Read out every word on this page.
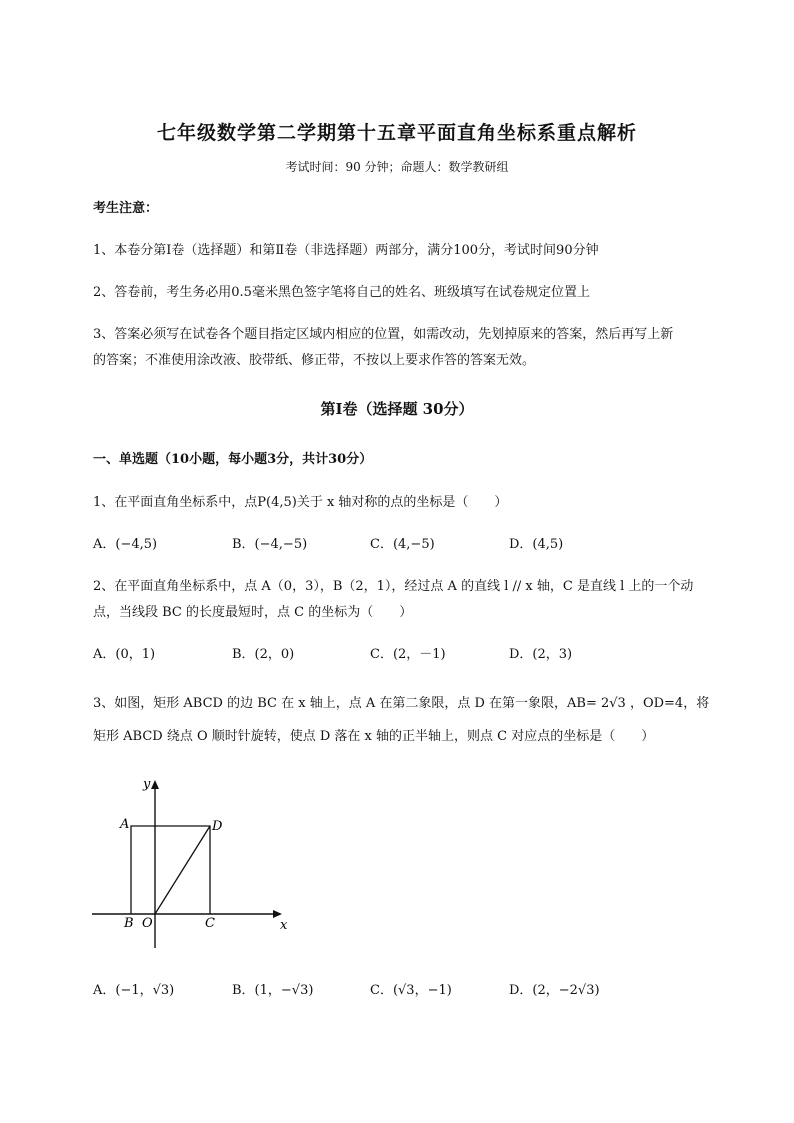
七年级数学第二学期第十五章平面直角坐标系重点解析
考试时间：90 分钟；命题人：数学教研组
考生注意：
1、本卷分第Ⅰ卷（选择题）和第Ⅱ卷（非选择题）两部分，满分100分，考试时间90分钟
2、答卷前，考生务必用0.5毫米黑色签字笔将自己的姓名、班级填写在试卷规定位置上
3、答案必须写在试卷各个题目指定区域内相应的位置，如需改动，先划掉原来的答案，然后再写上新
的答案；不准使用涂改液、胶带纸、修正带，不按以上要求作答的答案无效。
第Ⅰ卷（选择题 30分）
一、单选题（10小题，每小题3分，共计30分）
1、在平面直角坐标系中，点P(4,5)关于 x 轴对称的点的坐标是（　　）
A．(−4,5)	B．(−4,−5)	C．(4,−5)	D．(4,5)
2、在平面直角坐标系中，点 A（0，3），B（2，1），经过点 A 的直线 l // x 轴，C 是直线 l 上的一个动
点，当线段 BC 的长度最短时，点 C 的坐标为（　　）
A．(0，1)	B．(2，0)	C．(2，－1)	D．(2，3)
3、如图，矩形 ABCD 的边 BC 在 x 轴上，点 A 在第二象限，点 D 在第一象限，AB= 2√3 ，OD=4，将
矩形 ABCD 绕点 O 顺时针旋转，使点 D 落在 x 轴的正半轴上，则点 C 对应点的坐标是（　　）
y
x
A	D
B O	C
A．(−1，√3)	B．(1，−√3)	C．(√3，−1)	D．(2，−2√3)
